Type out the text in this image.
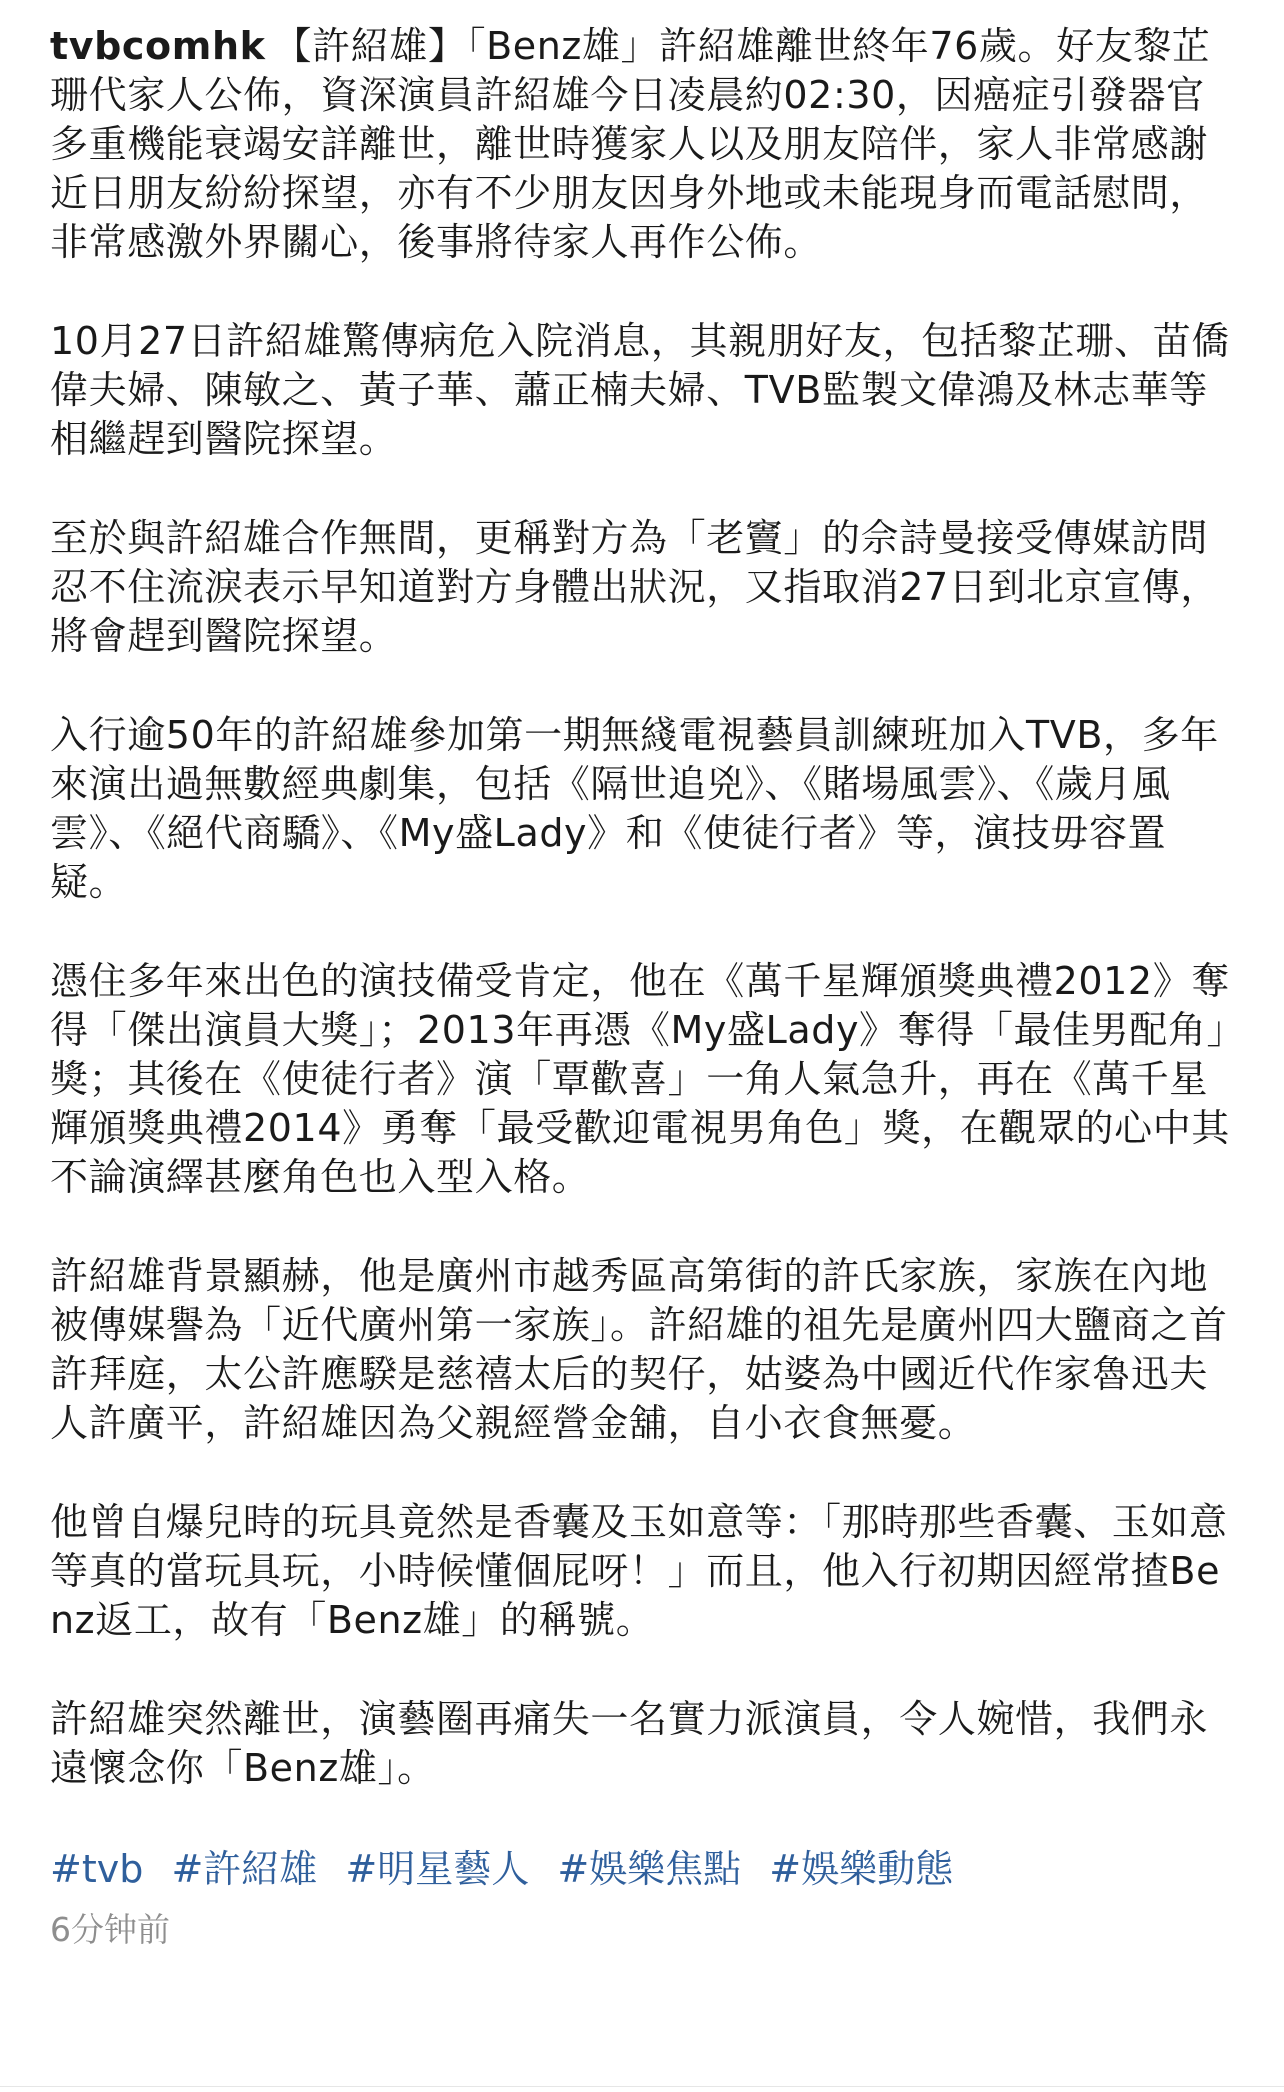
tvbcomhk 【許紹雄】「Benz雄」許紹雄離世終年76歲。好友黎芷珊代家人公佈，資深演員許紹雄今日凌晨約02:30，因癌症引發器官多重機能衰竭安詳離世，離世時獲家人以及朋友陪伴，家人非常感謝近日朋友紛紛探望，亦有不少朋友因身外地或未能現身而電話慰問，非常感激外界關心，後事將待家人再作公佈。
10月27日許紹雄驚傳病危入院消息，其親朋好友，包括黎芷珊、苗僑偉夫婦、陳敏之、黃子華、蕭正楠夫婦、TVB監製文偉鴻及林志華等相繼趕到醫院探望。
至於與許紹雄合作無間，更稱對方為「老竇」的佘詩曼接受傳媒訪問忍不住流淚表示早知道對方身體出狀況，又指取消27日到北京宣傳，將會趕到醫院探望。
入行逾50年的許紹雄參加第一期無綫電視藝員訓練班加入TVB，多年來演出過無數經典劇集，包括《隔世追兇》、《賭場風雲》、《歲月風雲》、《絕代商驕》、《My盛Lady》和《使徒行者》等，演技毋容置疑。
憑住多年來出色的演技備受肯定，他在《萬千星輝頒獎典禮2012》奪得「傑出演員大獎」；2013年再憑《My盛Lady》奪得「最佳男配角」獎；其後在《使徒行者》演「覃歡喜」一角人氣急升，再在《萬千星輝頒獎典禮2014》勇奪「最受歡迎電視男角色」獎，在觀眾的心中其不論演繹甚麼角色也入型入格。
許紹雄背景顯赫，他是廣州市越秀區高第街的許氏家族，家族在內地被傳媒譽為「近代廣州第一家族」。許紹雄的祖先是廣州四大鹽商之首許拜庭，太公許應騤是慈禧太后的契仔，姑婆為中國近代作家魯迅夫人許廣平，許紹雄因為父親經營金舖，自小衣食無憂。
他曾自爆兒時的玩具竟然是香囊及玉如意等：「那時那些香囊、玉如意等真的當玩具玩，小時候懂個屁呀！」而且，他入行初期因經常揸Benz返工，故有「Benz雄」的稱號。
許紹雄突然離世，演藝圈再痛失一名實力派演員，令人婉惜，我們永遠懷念你「Benz雄」。
#tvb #許紹雄 #明星藝人 #娛樂焦點 #娛樂動態
6分钟前
